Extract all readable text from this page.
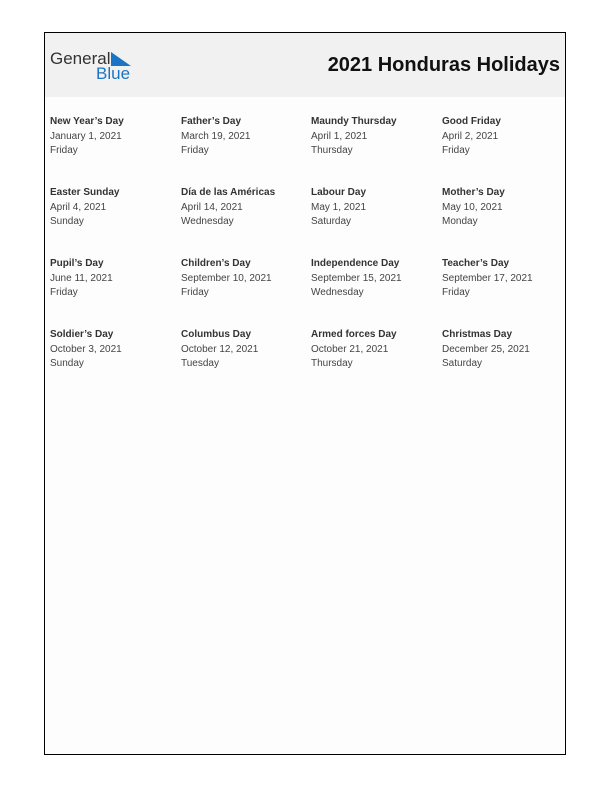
General
Blue	2021 Honduras Holidays
New Year’s Day
January 1, 2021
Friday
Father’s Day
March 19, 2021
Friday
Maundy Thursday
April 1, 2021
Thursday
Good Friday
April 2, 2021
Friday
Easter Sunday
April 4, 2021
Sunday
Día de las Américas
April 14, 2021
Wednesday
Labour Day
May 1, 2021
Saturday
Mother’s Day
May 10, 2021
Monday
Pupil’s Day
June 11, 2021
Friday
Children’s Day
September 10, 2021
Friday
Independence Day
September 15, 2021
Wednesday
Teacher’s Day
September 17, 2021
Friday
Soldier’s Day
October 3, 2021
Sunday
Columbus Day
October 12, 2021
Tuesday
Armed forces Day
October 21, 2021
Thursday
Christmas Day
December 25, 2021
Saturday
